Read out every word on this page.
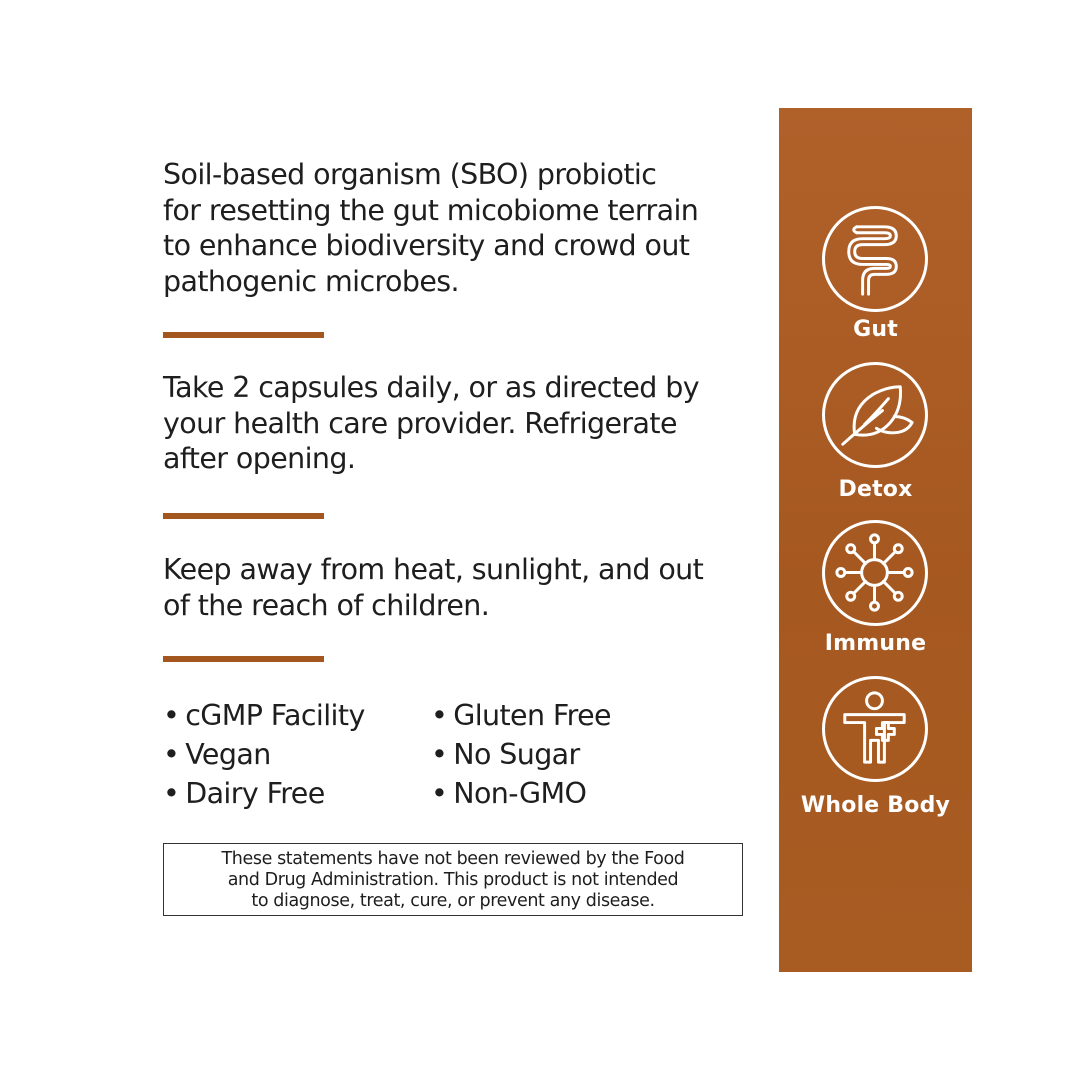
Soil-based organism (SBO) probiotic
for resetting the gut micobiome terrain
to enhance biodiversity and crowd out
pathogenic microbes.

Take 2 capsules daily, or as directed by
your health care provider. Refrigerate
after opening.

Keep away from heat, sunlight, and out
of the reach of children.

• cGMP Facility
• Vegan
• Dairy Free
• Gluten Free
• No Sugar
• Non-GMO
These statements have not been reviewed by the Food
and Drug Administration. This product is not intended
to diagnose, treat, cure, or prevent any disease.
Gut
Detox
Immune
Whole Body
